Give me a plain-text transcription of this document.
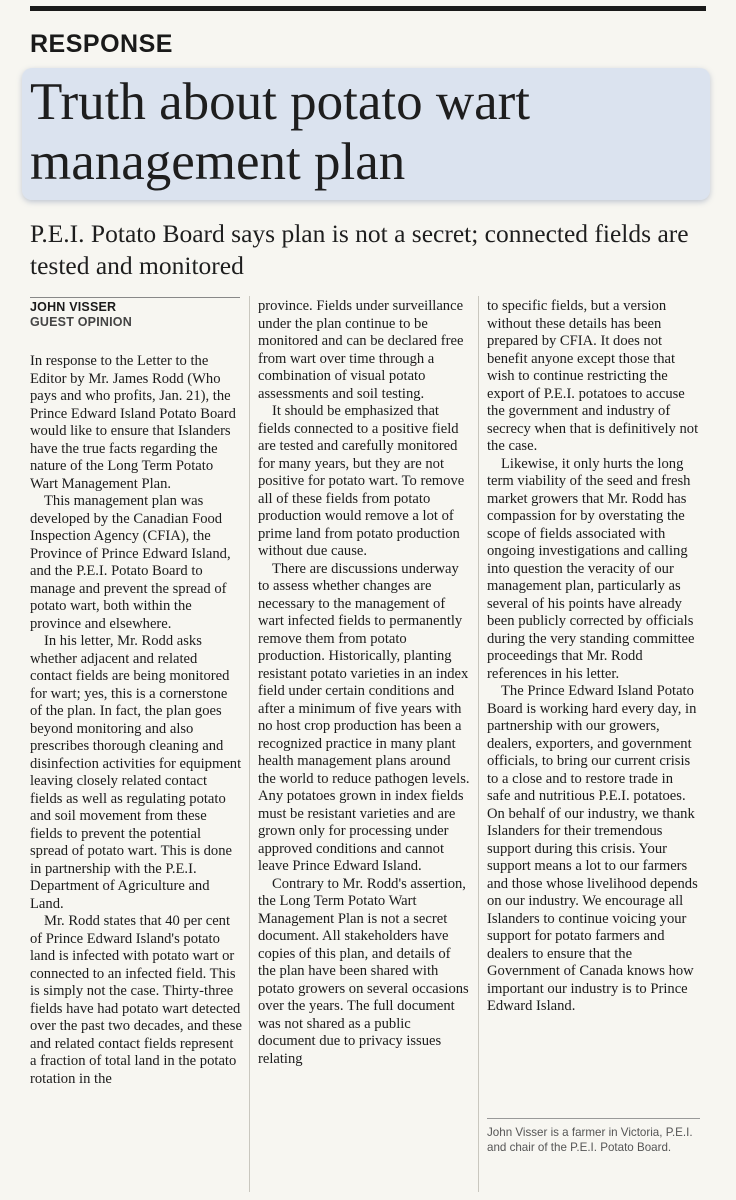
RESPONSE
Truth about potato wart management plan
P.E.I. Potato Board says plan is not a secret; connected fields are tested and monitored
JOHN VISSER
GUEST OPINION

In response to the Letter to the Editor by Mr. James Rodd (Who pays and who profits, Jan. 21), the Prince Edward Island Potato Board would like to ensure that Islanders have the true facts regarding the nature of the Long Term Potato Wart Management Plan.

This management plan was developed by the Canadian Food Inspection Agency (CFIA), the Province of Prince Edward Island, and the P.E.I. Potato Board to manage and prevent the spread of potato wart, both within the province and elsewhere.

In his letter, Mr. Rodd asks whether adjacent and related contact fields are being monitored for wart; yes, this is a cornerstone of the plan. In fact, the plan goes beyond monitoring and also prescribes thorough cleaning and disinfection activities for equipment leaving closely related contact fields as well as regulating potato and soil movement from these fields to prevent the potential spread of potato wart. This is done in partnership with the P.E.I. Department of Agriculture and Land.

Mr. Rodd states that 40 per cent of Prince Edward Island's potato land is infected with potato wart or connected to an infected field. This is simply not the case. Thirty-three fields have had potato wart detected over the past two decades, and these and related contact fields represent a fraction of total land in the potato rotation in the

province. Fields under surveillance under the plan continue to be monitored and can be declared free from wart over time through a combination of visual potato assessments and soil testing.

It should be emphasized that fields connected to a positive field are tested and carefully monitored for many years, but they are not positive for potato wart. To remove all of these fields from potato production would remove a lot of prime land from potato production without due cause.

There are discussions underway to assess whether changes are necessary to the management of wart infected fields to permanently remove them from potato production. Historically, planting resistant potato varieties in an index field under certain conditions and after a minimum of five years with no host crop production has been a recognized practice in many plant health management plans around the world to reduce pathogen levels. Any potatoes grown in index fields must be resistant varieties and are grown only for processing under approved conditions and cannot leave Prince Edward Island.

Contrary to Mr. Rodd's assertion, the Long Term Potato Wart Management Plan is not a secret document. All stakeholders have copies of this plan, and details of the plan have been shared with potato growers on several occasions over the years. The full document was not shared as a public document due to privacy issues relating

to specific fields, but a version without these details has been prepared by CFIA. It does not benefit anyone except those that wish to continue restricting the export of P.E.I. potatoes to accuse the government and industry of secrecy when that is definitively not the case.

Likewise, it only hurts the long term viability of the seed and fresh market growers that Mr. Rodd has compassion for by overstating the scope of fields associated with ongoing investigations and calling into question the veracity of our management plan, particularly as several of his points have already been publicly corrected by officials during the very standing committee proceedings that Mr. Rodd references in his letter.

The Prince Edward Island Potato Board is working hard every day, in partnership with our growers, dealers, exporters, and government officials, to bring our current crisis to a close and to restore trade in safe and nutritious P.E.I. potatoes. On behalf of our industry, we thank Islanders for their tremendous support during this crisis. Your support means a lot to our farmers and those whose livelihood depends on our industry. We encourage all Islanders to continue voicing your support for potato farmers and dealers to ensure that the Government of Canada knows how important our industry is to Prince Edward Island.

John Visser is a farmer in Victoria, P.E.I. and chair of the P.E.I. Potato Board.
